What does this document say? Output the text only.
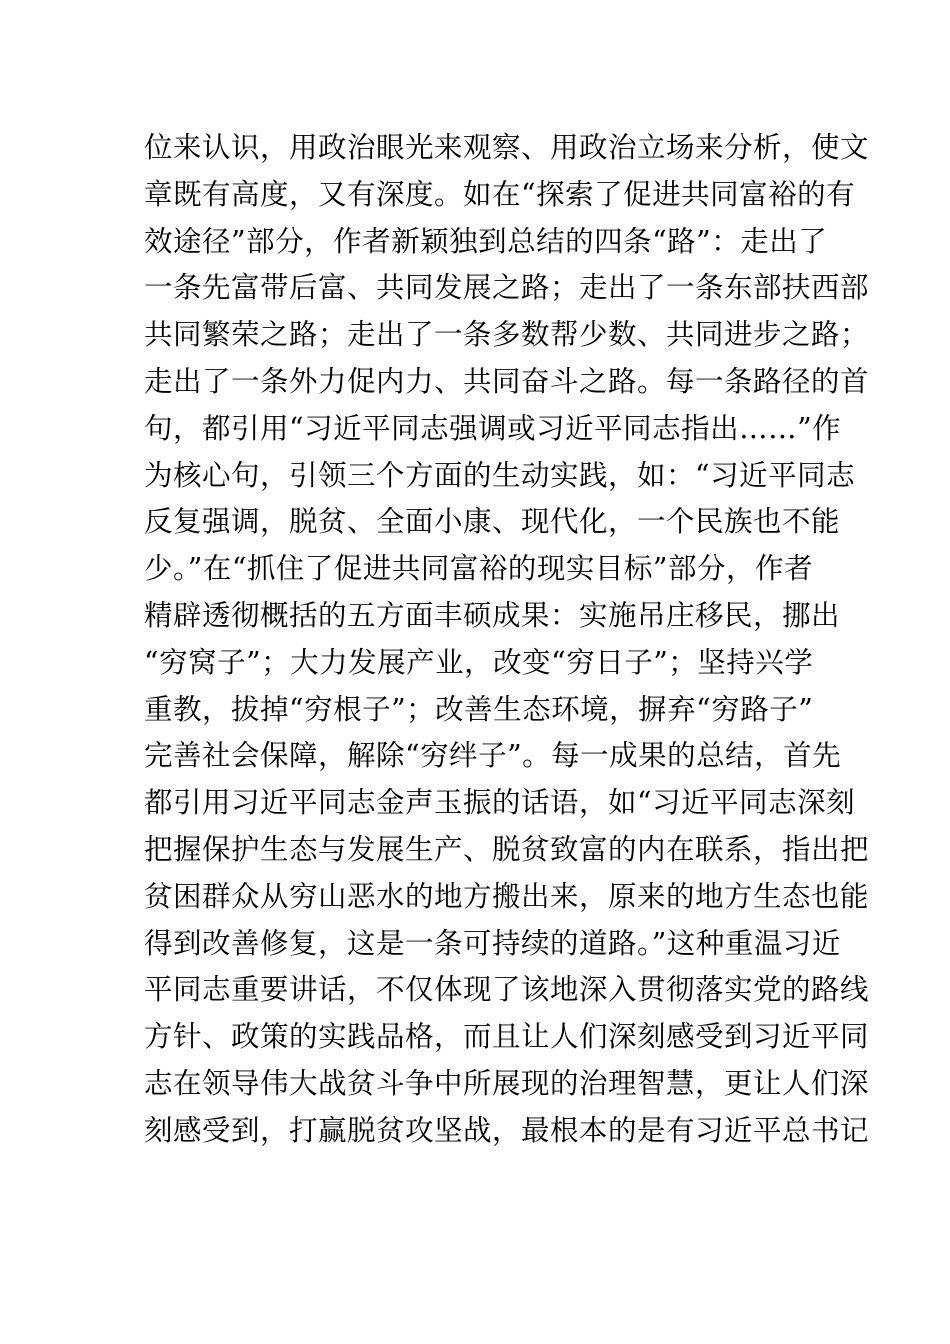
位来认识，用政治眼光来观察、用政治立场来分析，使文
章既有高度，又有深度。如在“探索了促进共同富裕的有
效途径”部分，作者新颖独到总结的四条“路”：走出了
一条先富带后富、共同发展之路；走出了一条东部扶西部
共同繁荣之路；走出了一条多数帮少数、共同进步之路；
走出了一条外力促内力、共同奋斗之路。每一条路径的首
句，都引用“习近平同志强调或习近平同志指出……”作
为核心句，引领三个方面的生动实践，如：“习近平同志
反复强调，脱贫、全面小康、现代化，一个民族也不能
少。”在“抓住了促进共同富裕的现实目标”部分，作者
精辟透彻概括的五方面丰硕成果：实施吊庄移民，挪出
“穷窝子”；大力发展产业，改变“穷日子”；坚持兴学
重教，拔掉“穷根子”；改善生态环境，摒弃“穷路子”
完善社会保障，解除“穷绊子”。每一成果的总结，首先
都引用习近平同志金声玉振的话语，如“习近平同志深刻
把握保护生态与发展生产、脱贫致富的内在联系，指出把
贫困群众从穷山恶水的地方搬出来，原来的地方生态也能
得到改善修复，这是一条可持续的道路。”这种重温习近
平同志重要讲话，不仅体现了该地深入贯彻落实党的路线
方针、政策的实践品格，而且让人们深刻感受到习近平同
志在领导伟大战贫斗争中所展现的治理智慧，更让人们深
刻感受到，打赢脱贫攻坚战，最根本的是有习近平总书记
